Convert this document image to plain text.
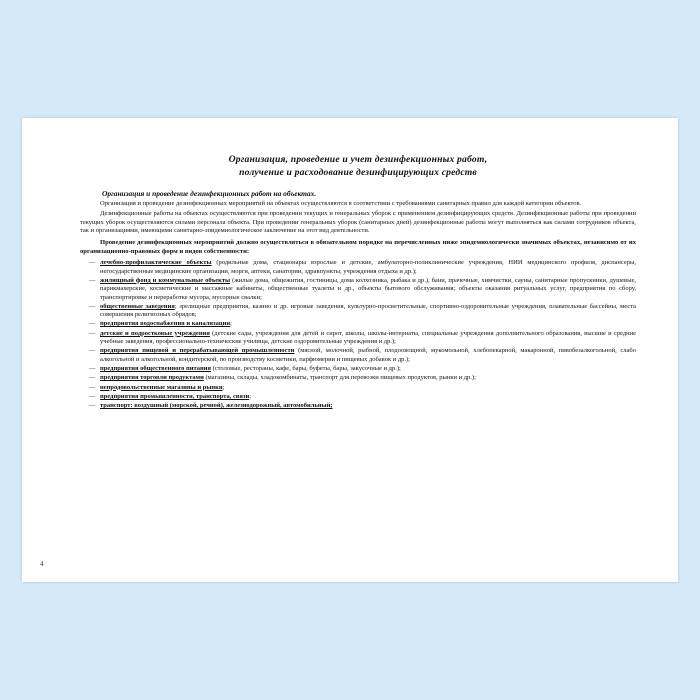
Организация, проведение и учет дезинфекционных работ,
получение и расходование дезинфицирующих средств
Организация и проведение дезинфекционных работ на объектах.

Организация и проведение дезинфекционных мероприятий на объектах осуществляются в соответствии с требованиями санитарных правил для каждой категории объектов.

Дезинфекционные работы на объектах осуществляются при проведении текущих и генеральных уборок с применением дезинфицирующих средств. Дезинфекционные работы при проведении текущих уборок осуществляются силами персонала объекта. При проведении генеральных уборок (санитарных дней) дезинфекционные работы могут выполняться как силами сотрудников объекта, так и организациями, имеющими санитарно-эпидемиологическое заключение на этот вид деятельности.

Проведение дезинфекционных мероприятий должно осуществляться в обязательном порядке на перечисленных ниже эпидемиологически значимых объектах, независимо от их организационно-правовых форм и видов собственности:

— лечебно-профилактические объекты (родильные дома, стационары взрослые и детские, амбулаторно-поликлинические учреждения, НИИ медицинского профиля, диспансеры, негосударственные медицинские организации, морги, аптеки, санатории, здравпункты, учреждения отдыха и др.);
— жилищный фонд и коммунальные объекты (жилые дома, общежития, гостиницы, дома колхозника, рыбака и др.), бани, прачечные, химчистки, сауны, санитарные пропускники, душевые, парикмахерские, косметические и массажные кабинеты, общественные туалеты и др., объекты бытового обслуживания; объекты оказания ритуальных услуг, предприятия по сбору, транспортировке и переработке мусора, мусорные свалки;
— общественные заведения; зрелищные предприятия, казино и др. игровые заведения, культурно-просветительные, спортивно-оздоровительные учреждения, плавательные бассейны, места совершения религиозных обрядов;
— предприятия водоснабжения и канализации;
— детские и подростковые учреждения (детские сады, учреждения для детей и сирот, школы, школы-интернаты, специальные учреждения дополнительного образования, высшие и средние учебные заведения, профессионально-технические училища, детские оздоровительные учреждения и др.);
— предприятия пищевой и перерабатывающей промышленности (мясной, молочной, рыбной, плодоовощной, мукомольной, хлебопекарной, макаронной, пивобезалкогольной, слабо алкогольной и алкогольной, кондитерской, по производству косметики, парфюмерии и пищевых добавок и др.);
— предприятия общественного питания (столовые, рестораны, кафе, бары, буфеты, бары, закусочные и др.);
— предприятия торговли продуктами (магазины, склады, хладокомбинаты, транспорт для перевозки пищевых продуктов, рынки и др.);
— непродовольственные магазины и рынки;
— предприятия промышленности, транспорта, связи;
— транспорт: воздушный (морской, речной), железнодорожный, автомобильный;
4
